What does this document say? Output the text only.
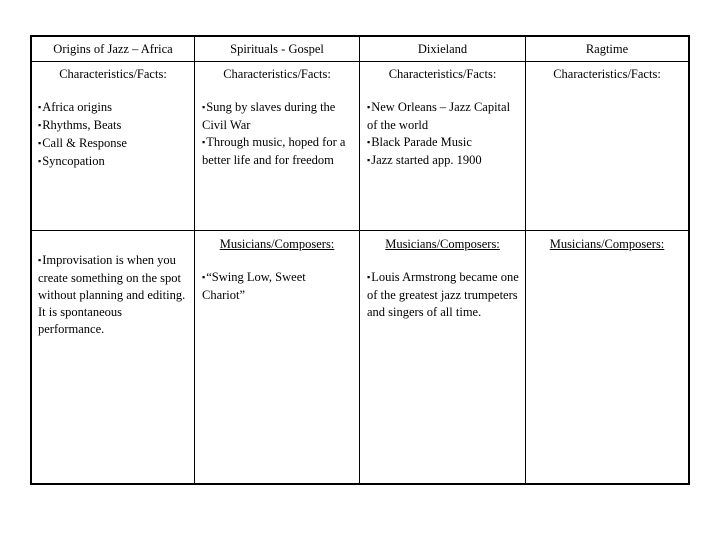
Origins of Jazz – Africa
Characteristics/Facts:
▪ Africa origins
▪ Rhythms, Beats
▪ Call & Response
▪ Syncopation
▪ Improvisation is when you create something on the spot without planning and editing. It is spontaneous performance.
Spirituals - Gospel
Characteristics/Facts:
▪ Sung by slaves during the Civil War
▪ Through music, hoped for a better life and for freedom
Musicians/Composers:
▪ “Swing Low, Sweet Chariot”
Dixieland
Characteristics/Facts:
▪ New Orleans – Jazz Capital of the world
▪ Black Parade Music
▪ Jazz started app. 1900
Musicians/Composers:
▪ Louis Armstrong became one of the greatest jazz trumpeters and singers of all time.
Ragtime
Characteristics/Facts:
Musicians/Composers:
